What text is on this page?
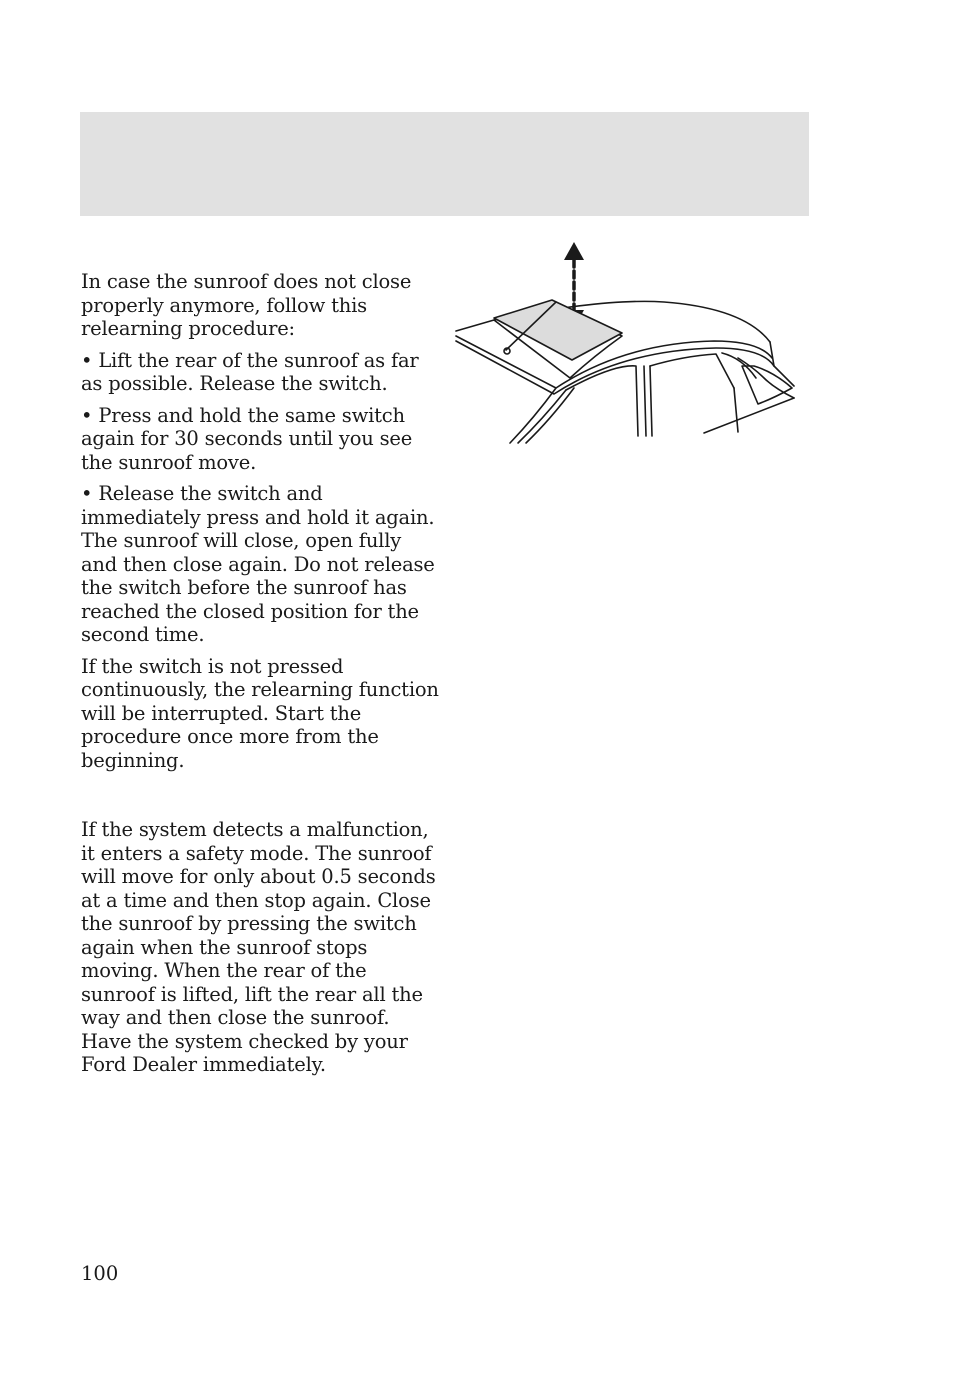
In case the sunroof does not close properly anymore, follow this relearning procedure:

• Lift the rear of the sunroof as far as possible. Release the switch.

• Press and hold the same switch again for 30 seconds until you see the sunroof move.

• Release the switch and immediately press and hold it again. The sunroof will close, open fully and then close again. Do not release the switch before the sunroof has reached the closed position for the second time.

If the switch is not pressed continuously, the relearning function will be interrupted. Start the procedure once more from the beginning.

If the system detects a malfunction, it enters a safety mode. The sunroof will move for only about 0.5 seconds at a time and then stop again. Close the sunroof by pressing the switch again when the sunroof stops moving. When the rear of the sunroof is lifted, lift the rear all the way and then close the sunroof. Have the system checked by your Ford Dealer immediately.

100
